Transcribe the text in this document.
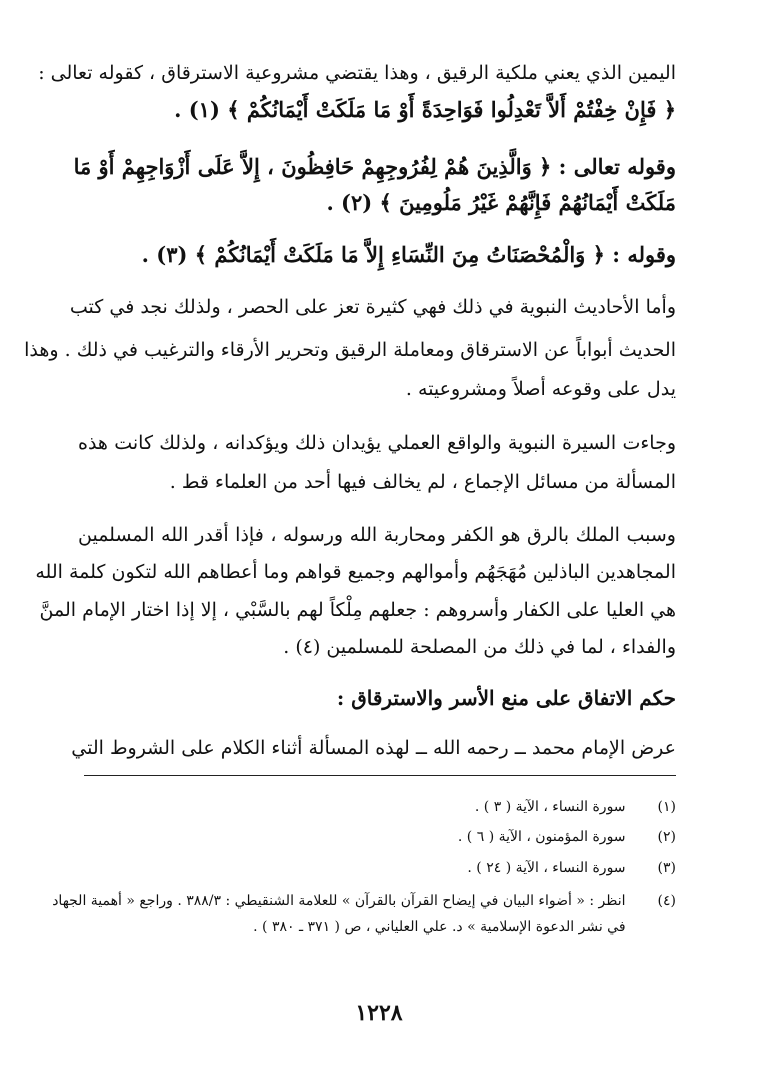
اليمين الذي يعني ملكية الرقيق ، وهذا يقتضي مشروعية الاسترقاق ، كقوله تعالى :
﴿ فَإِنْ خِفْتُمْ أَلاَّ تَعْدِلُوا فَوَاحِدَةً أَوْ مَا مَلَكَتْ أَيْمَانُكُمْ ﴾ (١) .
وقوله تعالى : ﴿ وَالَّذِينَ هُمْ لِفُرُوجِهِمْ حَافِظُونَ ، إِلاَّ عَلَى أَزْوَاجِهِمْ أَوْ مَا
مَلَكَتْ أَيْمَانُهُمْ فَإِنَّهُمْ غَيْرُ مَلُومِينَ ﴾ (٢) .
وقوله : ﴿ وَالْمُحْصَنَاتُ مِنَ النِّسَاءِ إِلاَّ مَا مَلَكَتْ أَيْمَانُكُمْ ﴾ (٣) .
وأما الأحاديث النبوية في ذلك فهي كثيرة تعز على الحصر ، ولذلك نجد في كتب
الحديث أبواباً عن الاسترقاق ومعاملة الرقيق وتحرير الأرقاء والترغيب في ذلك . وهذا
يدل على وقوعه أصلاً ومشروعيته .
وجاءت السيرة النبوية والواقع العملي يؤيدان ذلك ويؤكدانه ، ولذلك كانت هذه
المسألة من مسائل الإجماع ، لم يخالف فيها أحد من العلماء قط .
وسبب الملك بالرق هو الكفر ومحاربة الله ورسوله ، فإذا أقدر الله المسلمين
المجاهدين الباذلين مُهَجَهُم وأموالهم وجميع قواهم وما أعطاهم الله لتكون كلمة الله
هي العليا على الكفار وأسروهم : جعلهم مِلْكاً لهم بالسَّبْي ، إلا إذا اختار الإمام المنَّ
والفداء ، لما في ذلك من المصلحة للمسلمين (٤) .
حكم الاتفاق على منع الأسر والاسترقاق :
عرض الإمام محمد ــ رحمه الله ــ لهذه المسألة أثناء الكلام على الشروط التي
(١) سورة النساء ، الآية ( ٣ ) .
(٢) سورة المؤمنون ، الآية ( ٦ ) .
(٣) سورة النساء ، الآية ( ٢٤ ) .
(٤) انظر : « أضواء البيان في إيضاح القرآن بالقرآن » للعلامة الشنقيطي : ٣٨٨/٣ . وراجع « أهمية الجهاد
في نشر الدعوة الإسلامية » د. علي العلياني ، ص ( ٣٧١ ـ ٣٨٠ ) .
١٢٢٨
